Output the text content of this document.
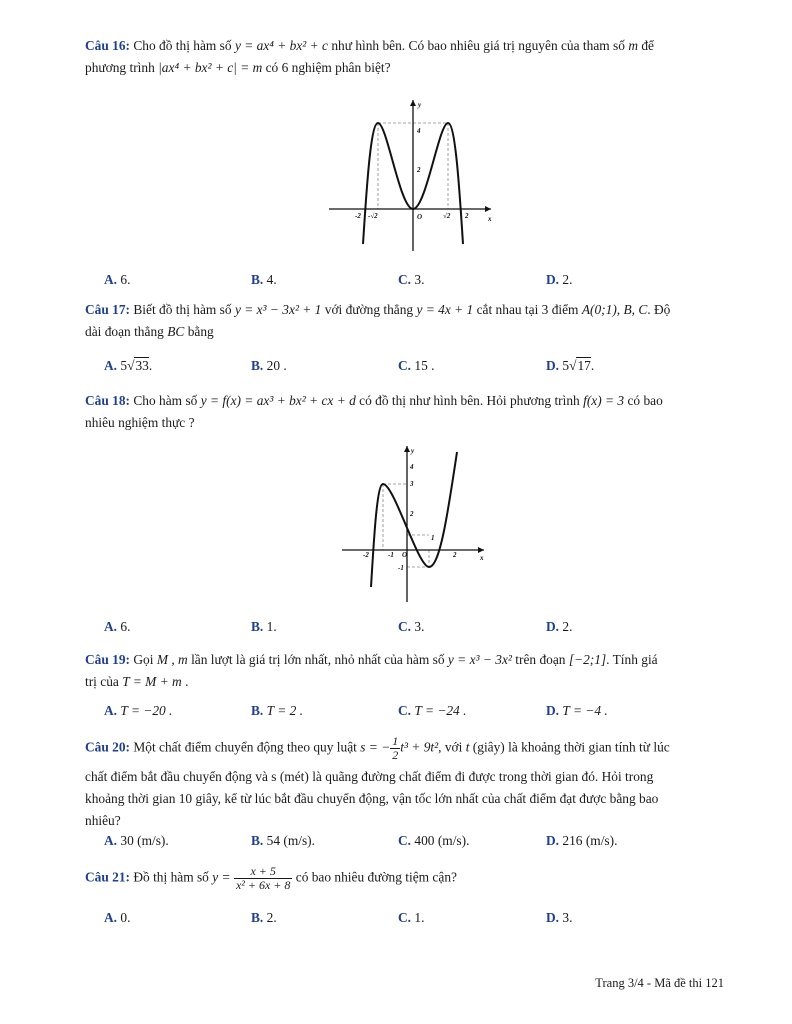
Câu 16: Cho đồ thị hàm số y = ax⁴ + bx² + c như hình bên. Có bao nhiêu giá trị nguyên của tham số m để
phương trình |ax⁴ + bx² + c| = m có 6 nghiệm phân biệt?
y
x
O
4
2
-2 -√2	√2 2
A. 6.	B. 4.	C. 3.	D. 2.
Câu 17: Biết đồ thị hàm số y = x³ − 3x² + 1 với đường thẳng y = 4x + 1 cắt nhau tại 3 điểm A(0;1), B, C. Độ
dài đoạn thẳng BC bằng
A. 5√33.	B. 20 .	C. 15 .	D. 5√17.
Câu 18: Cho hàm số y = f(x) = ax³ + bx² + cx + d có đồ thị như hình bên. Hỏi phương trình f(x) = 3 có bao
nhiêu nghiệm thực ?
y
x
O
4
3
2
1
-1
-2	-1	2
A. 6.	B. 1.	C. 3.	D. 2.
Câu 19: Gọi M , m lần lượt là giá trị lớn nhất, nhỏ nhất của hàm số y = x³ − 3x² trên đoạn [−2;1]. Tính giá
trị của T = M + m .
A. T = −20 .	B. T = 2 .	C. T = −24 .	D. T = −4 .
Câu 20: Một chất điểm chuyển động theo quy luật s = − $\frac{1}{2} t^3 + 9t^2$, với t (giây) là khoảng thời gian tính từ lúc
chất điểm bắt đầu chuyển động và s (mét) là quãng đường chất điểm đi được trong thời gian đó. Hỏi trong
khoảng thời gian 10 giây, kể từ lúc bắt đầu chuyển động, vận tốc lớn nhất của chất điểm đạt được bằng bao
nhiêu?
A. 30 (m/s).	B. 54 (m/s).	C. 400 (m/s).	D. 216 (m/s).
Câu 21: Đồ thị hàm số $y = \frac{x + 5}{\text{x² + 6x + 8}}$ có bao nhiêu đường tiệm cận?
A. 0.	B. 2.	C. 1.	D. 3.
Trang 3/4 - Mã đề thi 121
